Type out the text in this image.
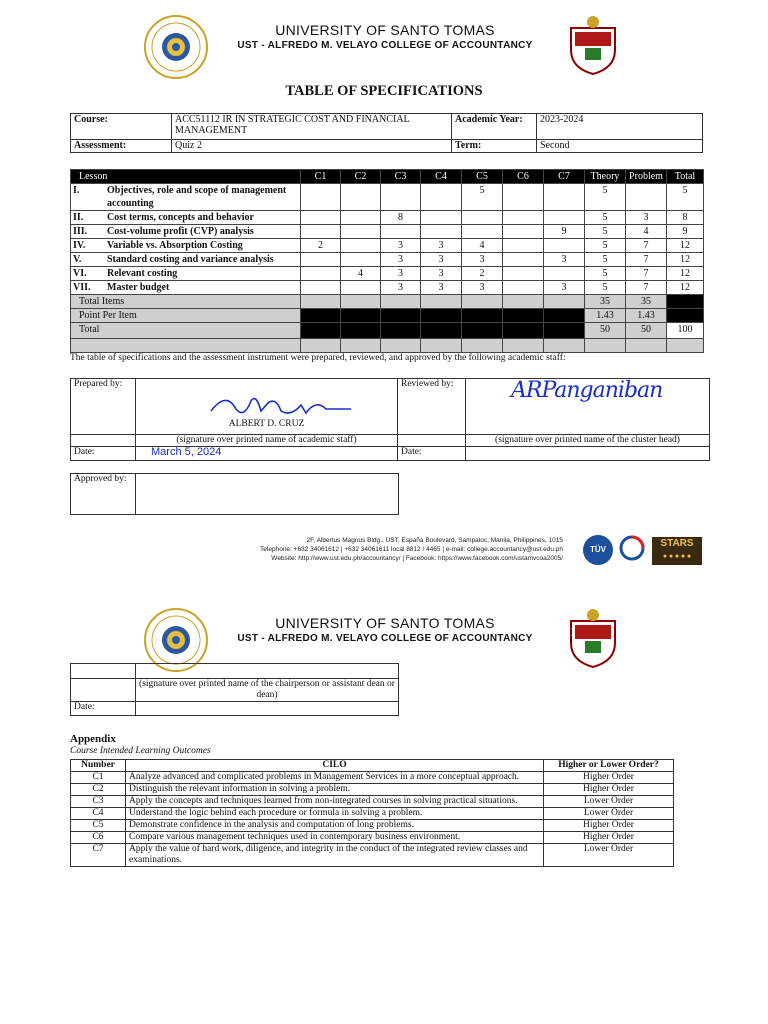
UNIVERSITY OF SANTO TOMAS
UST - ALFREDO M. VELAYO COLLEGE OF ACCOUNTANCY
TABLE OF SPECIFICATIONS
Course:	ACC51112 IR IN STRATEGIC COST AND FINANCIAL MANAGEMENT	Academic Year:	2023-2024
Assessment:	Quiz 2	Term:	Second
Lesson	C1	C2	C3	C4	C5	C6	C7	Theory	Problem	Total
I. Objectives, role and scope of management accounting					5			5		5
II. Cost terms, concepts and behavior			8					5	3	8
III. Cost-volume profit (CVP) analysis							9	5	4	9
IV. Variable vs. Absorption Costing	2		3	3	4			5	7	12
V. Standard costing and variance analysis			3	3	3		3	5	7	12
VI. Relevant costing		4	3	3	2			5	7	12
VII. Master budget			3	3	3		3	5	7	12
Total Items								35	35	
Point Per Item								1.43	1.43	
Total								50	50	100

The table of specifications and the assessment instrument were prepared, reviewed, and approved by the following academic staff:
Prepared by:	ALBERT D. CRUZ	Reviewed by:	ARPanganiban

	(signature over printed name of academic staff)		(signature over printed name of the cluster head)
Date:	March 5, 2024	Date:	
Approved by:	
2F, Albertus Magnus Bldg., UST, España Boulevard, Sampaloc, Manila, Philippines, 1015
Telephone: +632 34061612 | +632 34061611 local 8812 / 4465 | e-mail: college.accountancy@ust.edu.ph
Website: http://www.ust.edu.ph/accountancy/ | Facebook: https://www.facebook.com/ustamvcoa2005/
TÜV
STARS
● ● ● ● ●
UNIVERSITY OF SANTO TOMAS
UST - ALFREDO M. VELAYO COLLEGE OF ACCOUNTANCY

	(signature over printed name of the chairperson or assistant dean or dean)
Date:	
Appendix
Course Intended Learning Outcomes
Number	CILO	Higher or Lower Order?
C1	Analyze advanced and complicated problems in Management Services in a more conceptual approach.	Higher Order
C2	Distinguish the relevant information in solving a problem.	Higher Order
C3	Apply the concepts and techniques learned from non-integrated courses in solving practical situations.	Lower Order
C4	Understand the logic behind each procedure or formula in solving a problem.	Lower Order
C5	Demonstrate confidence in the analysis and computation of long problems.	Higher Order
C6	Compare various management techniques used in contemporary business environment.	Higher Order
C7	Apply the value of hard work, diligence, and integrity in the conduct of the integrated review classes and examinations.	Lower Order
